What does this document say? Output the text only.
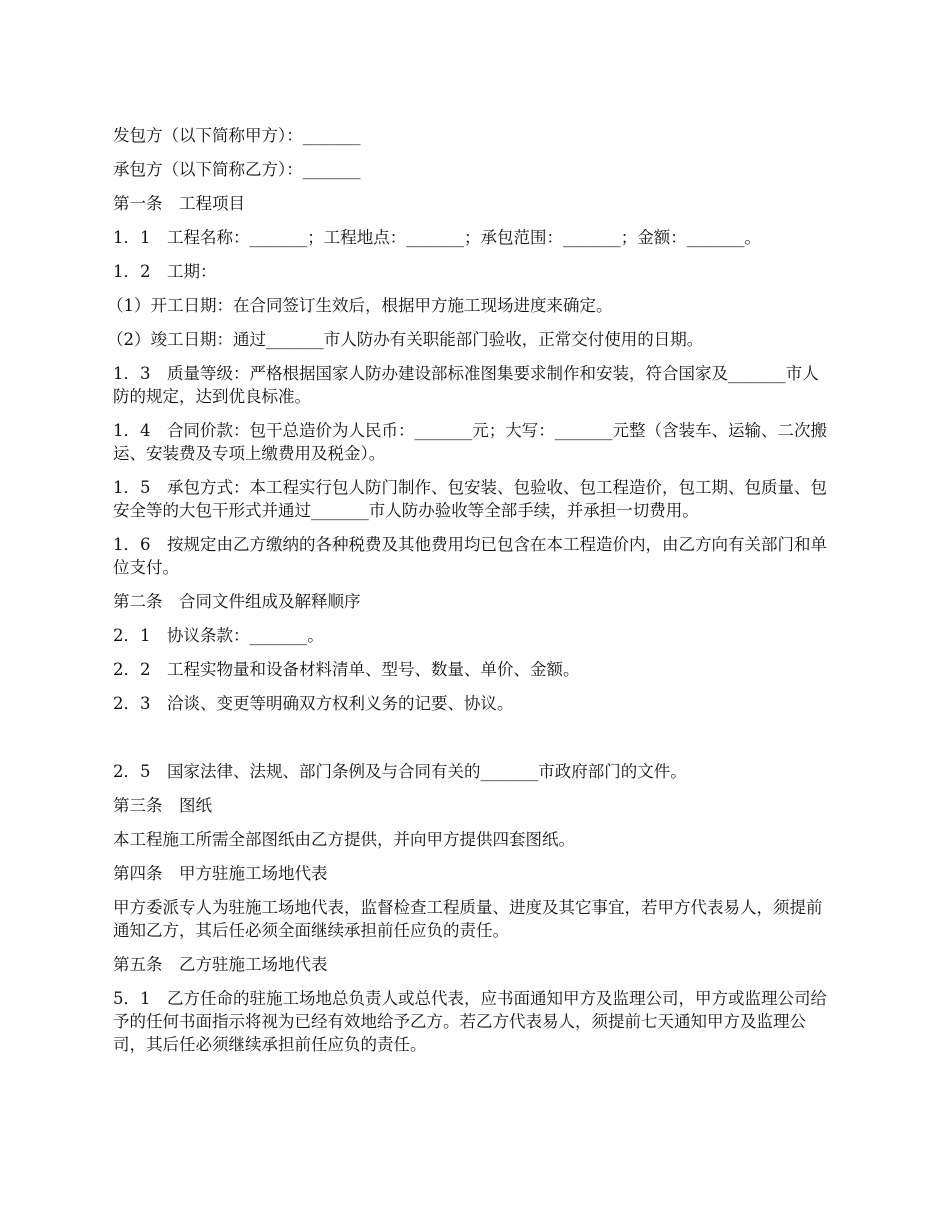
发包方（以下简称甲方）：_______

承包方（以下简称乙方）：_______

第一条　工程项目

1．1　工程名称：_______；工程地点：_______；承包范围：_______；金额：_______。

1．2　工期：

（1）开工日期：在合同签订生效后，根据甲方施工现场进度来确定。

（2）竣工日期：通过_______市人防办有关职能部门验收，正常交付使用的日期。

1．3　质量等级：严格根据国家人防办建设部标准图集要求制作和安装，符合国家及_______市人防的规定，达到优良标准。

1．4　合同价款：包干总造价为人民币：_______元；大写：_______元整（含装车、运输、二次搬运、安装费及专项上缴费用及税金）。

1．5　承包方式：本工程实行包人防门制作、包安装、包验收、包工程造价，包工期、包质量、包安全等的大包干形式并通过_______市人防办验收等全部手续，并承担一切费用。

1．6　按规定由乙方缴纳的各种税费及其他费用均已包含在本工程造价内，由乙方向有关部门和单位支付。

第二条　合同文件组成及解释顺序

2．1　协议条款：_______。

2．2　工程实物量和设备材料清单、型号、数量、单价、金额。

2．3　洽谈、变更等明确双方权利义务的记要、协议。

2．5　国家法律、法规、部门条例及与合同有关的_______市政府部门的文件。

第三条　图纸

本工程施工所需全部图纸由乙方提供，并向甲方提供四套图纸。

第四条　甲方驻施工场地代表

甲方委派专人为驻施工场地代表，监督检查工程质量、进度及其它事宜，若甲方代表易人，须提前通知乙方，其后任必须全面继续承担前任应负的责任。

第五条　乙方驻施工场地代表

5．1　乙方任命的驻施工场地总负责人或总代表，应书面通知甲方及监理公司，甲方或监理公司给予的任何书面指示将视为已经有效地给予乙方。若乙方代表易人，须提前七天通知甲方及监理公司，其后任必须继续承担前任应负的责任。
